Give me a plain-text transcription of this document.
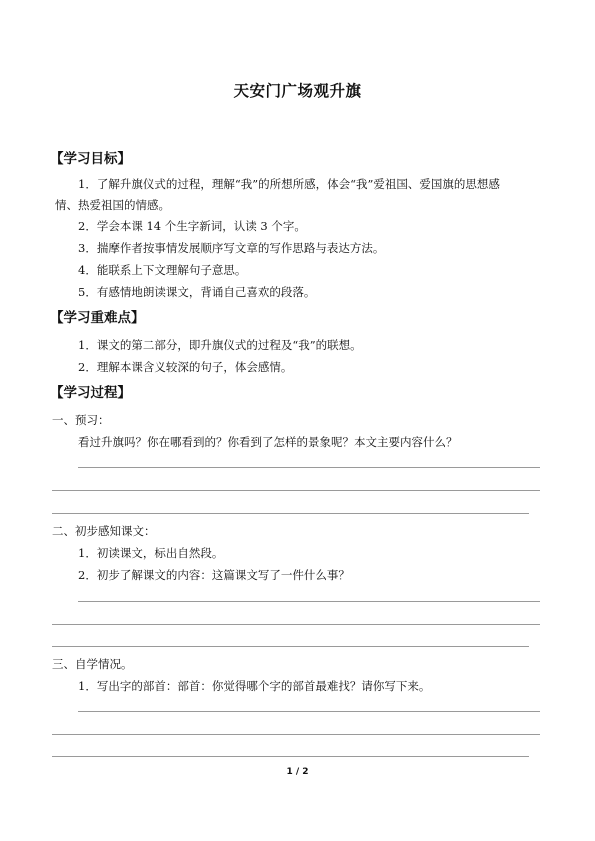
天安门广场观升旗
【学习目标】
1．了解升旗仪式的过程，理解“我”的所想所感，体会“我”爱祖国、爱国旗的思想感
情、热爱祖国的情感。
2．学会本课 14 个生字新词，认读 3 个字。
3．揣摩作者按事情发展顺序写文章的写作思路与表达方法。
4．能联系上下文理解句子意思。
5．有感情地朗读课文，背诵自己喜欢的段落。
【学习重难点】
1．课文的第二部分，即升旗仪式的过程及“我”的联想。
2．理解本课含义较深的句子，体会感情。
【学习过程】
一、预习：
看过升旗吗？你在哪看到的？你看到了怎样的景象呢？本文主要内容什么？
二、初步感知课文：
1．初读课文，标出自然段。
2．初步了解课文的内容：这篇课文写了一件什么事？
三、自学情况。
1．写出字的部首：部首：你觉得哪个字的部首最难找？请你写下来。
1 / 2
